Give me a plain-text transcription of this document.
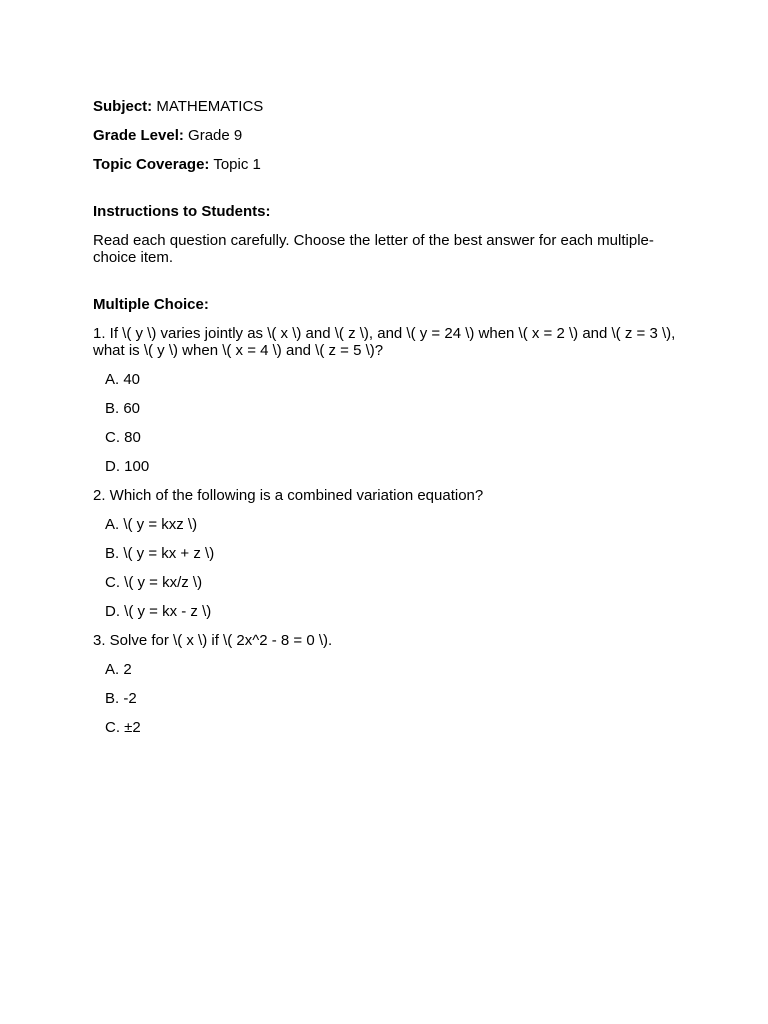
Subject: MATHEMATICS

Grade Level: Grade 9

Topic Coverage: Topic 1

Instructions to Students:

Read each question carefully. Choose the letter of the best answer for each multiple-choice item.

Multiple Choice:

1. If \( y \) varies jointly as \( x \) and \( z \), and \( y = 24 \) when \( x = 2 \) and \( z = 3 \), what is \( y \) when \( x = 4 \) and \( z = 5 \)?

A. 40
B. 60
C. 80
D. 100

2. Which of the following is a combined variation equation?

A. \( y = kxz \)
B. \( y = kx + z \)
C. \( y = kx/z \)
D. \( y = kx - z \)

3. Solve for \( x \) if \( 2x^2 - 8 = 0 \).

A. 2
B. -2
C. ±2
